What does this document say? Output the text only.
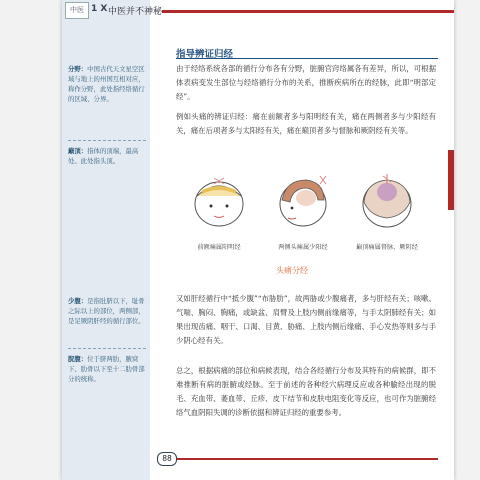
中医 1 X 中医并不神秘
分野：中国古代天文星空区域与地上的州国互相对应，称作分野，此处指经络循行的区域、分界。
巅顶：指体的顶端，最高处。此处指头顶。
少腹：是指肚脐以下，耻骨之际以上的部位，两侧部，是足厥阴肝经的循行部位。
脘腹：位于脐两肋，腋窝下、肋骨以下至十二肋骨部分的统称。
指导辨证归经
由于经络系统各部的循行分布各有分野，脏腑官窍络属各有差异，所以，可根据体表病变发生部位与经络循行分布的关系，推断疾病所在的经脉，此即“明部定经”。
例如头痛的辨证归经：痛在前额者多与阳明经有关，痛在两侧者多与少阳经有关，痛在后项者多与太阳经有关，痛在巅顶者多与督脉和厥阴经有关等。
前额痛属阳明经	两侧头痛属少阳经	巅顶痛属督脉、厥阴经
头痛分经
又如肝经循行中“抵少腹”“布胁肋”，故两胁或少腹痛者，多与肝经有关；咳嗽、气喘、胸闷、胸痛，或缺盆、肩臂及上肢内侧前缘痛等，与手太阴肺经有关；如果出现齿痛、咽干、口渴、目黄、胁痛、上肢内侧后缘痛、手心发热等则多与手少阴心经有关。
总之，根据病痛的部位和病候表现，结合各经循行分布及其特有的病候群，即不难推断有病的脏腑或经脉。至于前述的各种经穴病理反应或各种腧经出现的脱毛、充血带、萎血带、丘疹、皮下结节和皮肤电阻变化等反应，也可作为脏腑经络气血阴阳失调的诊断依据和辨证归经的重要参考。
88
